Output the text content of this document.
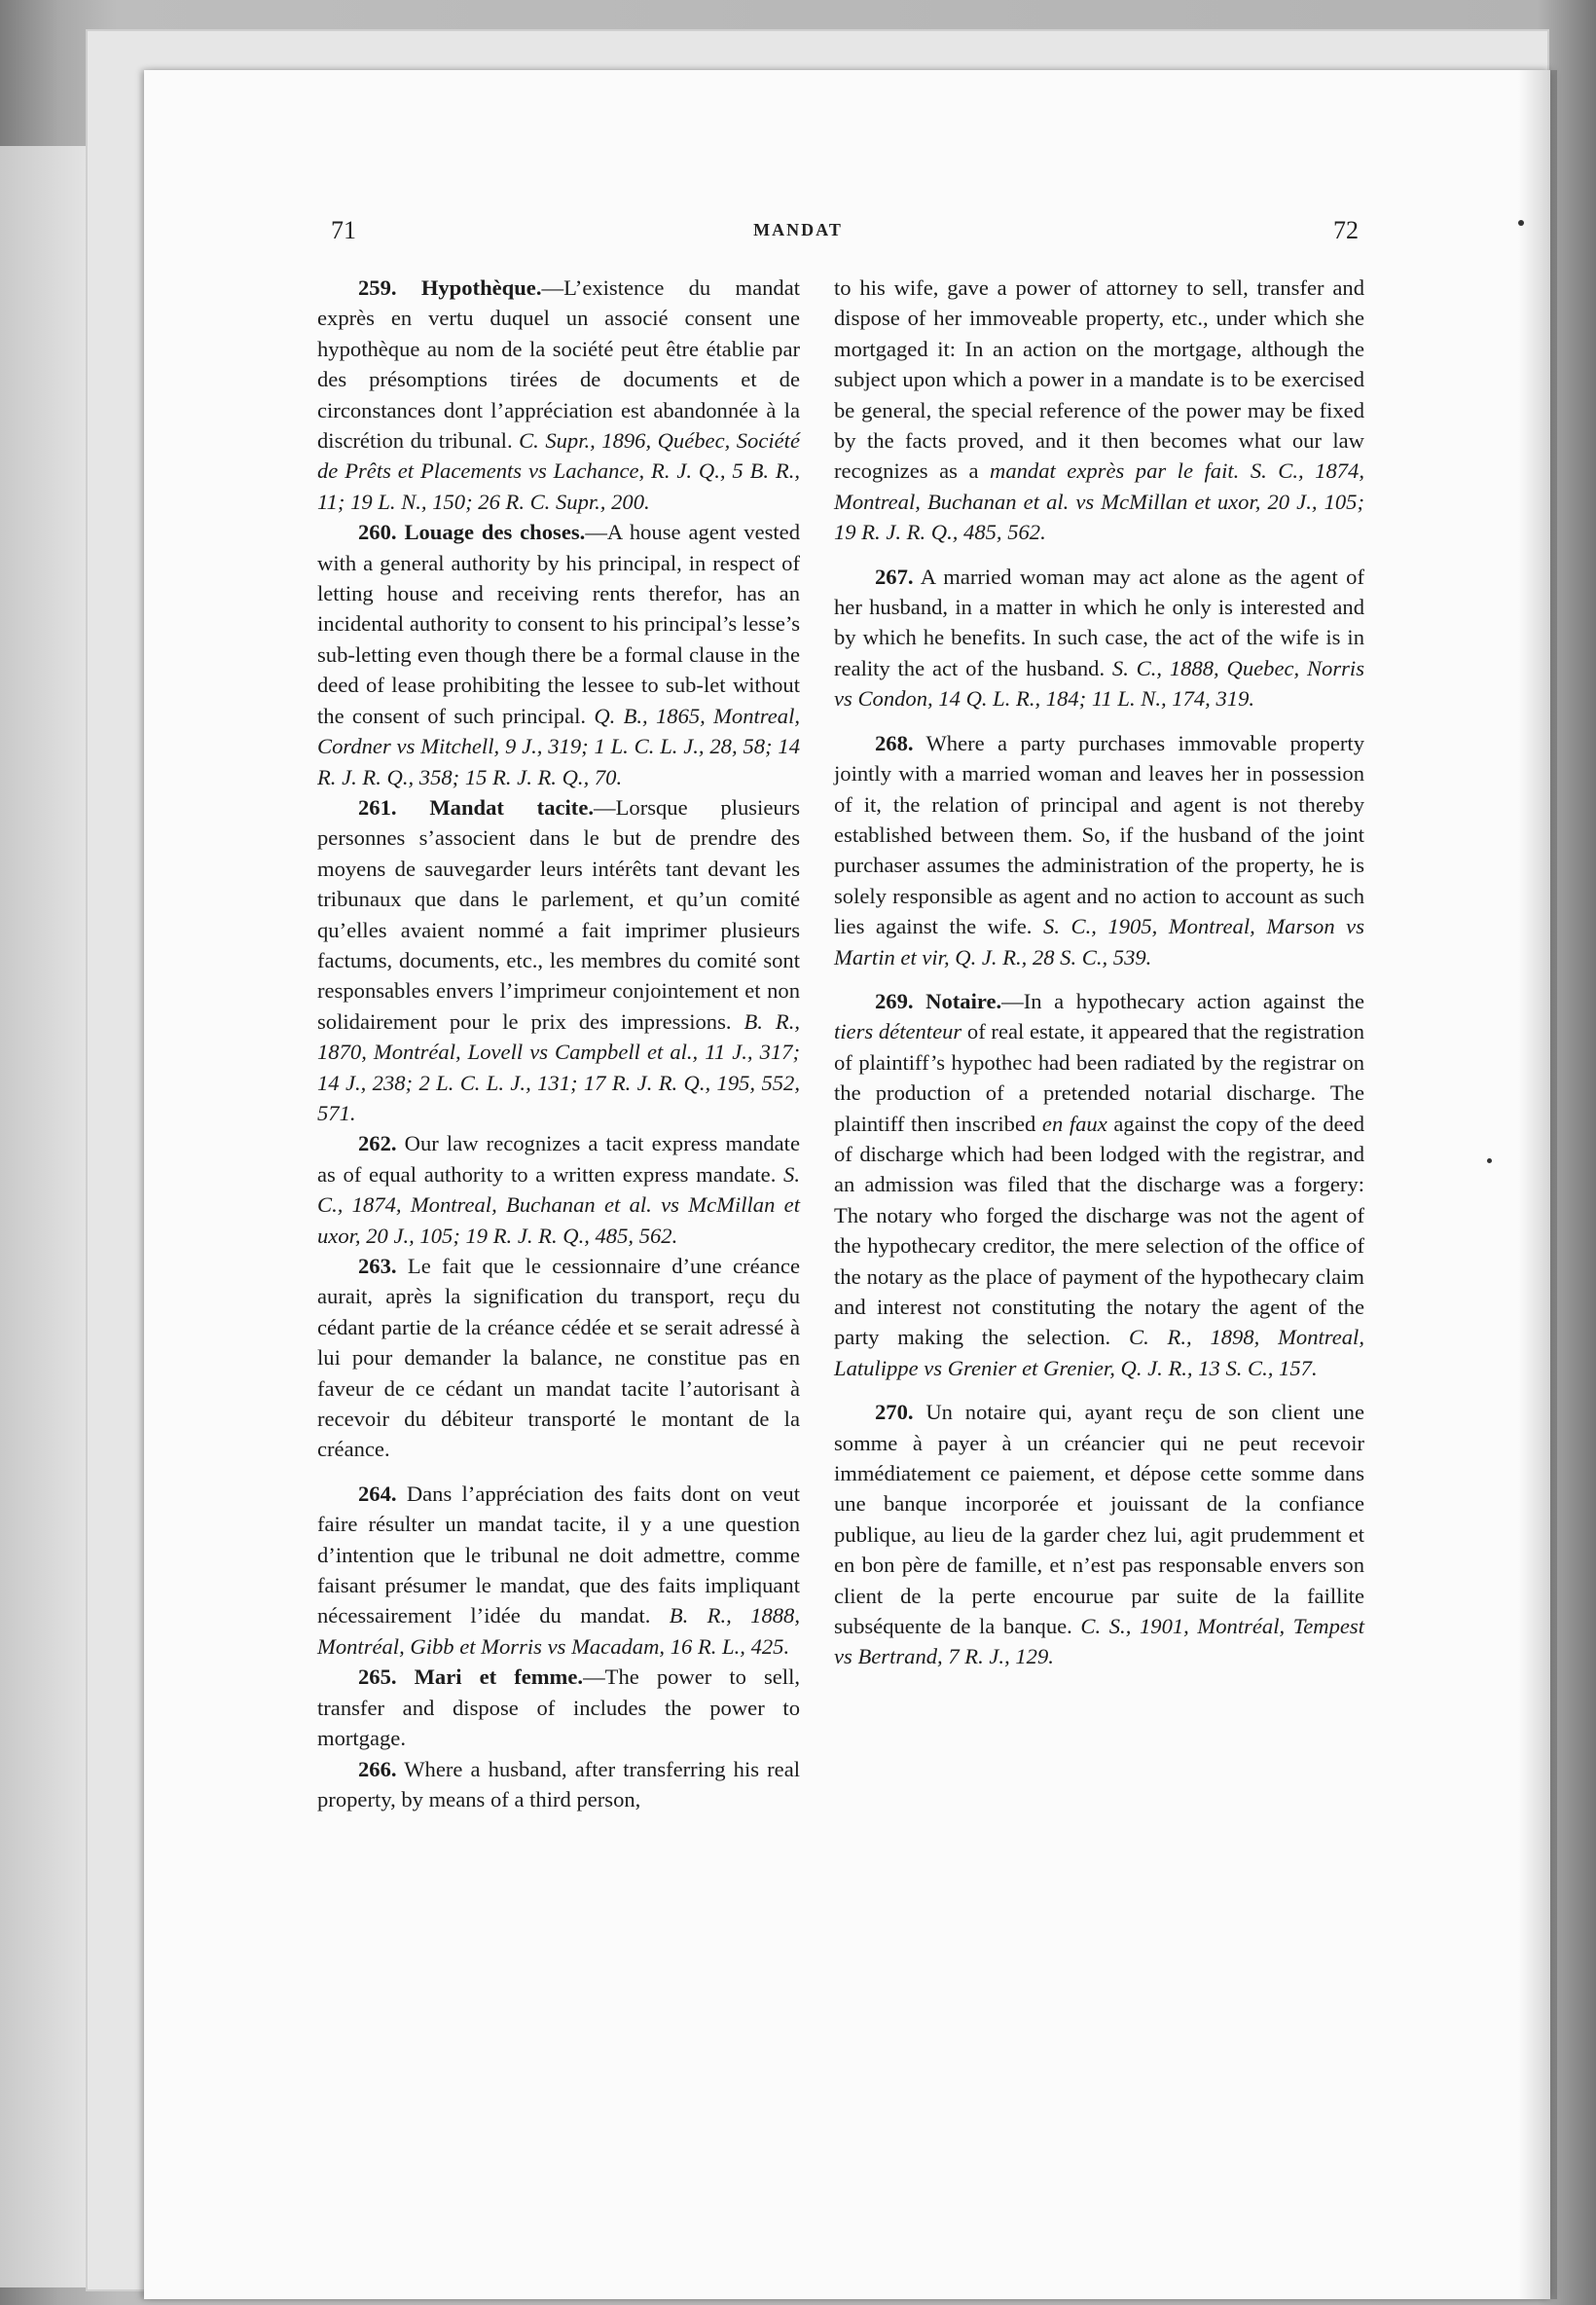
71	MANDAT	72

259. Hypothèque.—L’existence du mandat exprès en vertu duquel un associé consent une hypothèque au nom de la société peut être établie par des présomptions tirées de documents et de circonstances dont l’appréciation est abandonnée à la discrétion du tribunal. C. Supr., 1896, Québec, Société de Prêts et Placements vs Lachance, R. J. Q., 5 B. R., 11; 19 L. N., 150; 26 R. C. Supr., 200.

260. Louage des choses.—A house agent vested with a general authority by his principal, in respect of letting house and receiving rents therefor, has an incidental authority to consent to his principal’s lesse’s sub-letting even though there be a formal clause in the deed of lease prohibiting the lessee to sub-let without the consent of such principal. Q. B., 1865, Montreal, Cordner vs Mitchell, 9 J., 319; 1 L. C. L. J., 28, 58; 14 R. J. R. Q., 358; 15 R. J. R. Q., 70.

261. Mandat tacite.—Lorsque plusieurs personnes s’associent dans le but de prendre des moyens de sauvegarder leurs intérêts tant devant les tribunaux que dans le parlement, et qu’un comité qu’elles avaient nommé a fait imprimer plusieurs factums, documents, etc., les membres du comité sont responsables envers l’imprimeur conjointement et non solidairement pour le prix des impressions. B. R., 1870, Montréal, Lovell vs Campbell et al., 11 J., 317; 14 J., 238; 2 L. C. L. J., 131; 17 R. J. R. Q., 195, 552, 571.

262. Our law recognizes a tacit express mandate as of equal authority to a written express mandate. S. C., 1874, Montreal, Buchanan et al. vs McMillan et uxor, 20 J., 105; 19 R. J. R. Q., 485, 562.

263. Le fait que le cessionnaire d’une créance aurait, après la signification du transport, reçu du cédant partie de la créance cédée et se serait adressé à lui pour demander la balance, ne constitue pas en faveur de ce cédant un mandat tacite l’autorisant à recevoir du débiteur transporté le montant de la créance.

264. Dans l’appréciation des faits dont on veut faire résulter un mandat tacite, il y a une question d’intention que le tribunal ne doit admettre, comme faisant présumer le mandat, que des faits impliquant nécessairement l’idée du mandat. B. R., 1888, Montréal, Gibb et Morris vs Macadam, 16 R. L., 425.

265. Mari et femme.—The power to sell, transfer and dispose of includes the power to mortgage.

266. Where a husband, after transferring his real property, by means of a third person,

to his wife, gave a power of attorney to sell, transfer and dispose of her immoveable property, etc., under which she mortgaged it: In an action on the mortgage, although the subject upon which a power in a mandate is to be exercised be general, the special reference of the power may be fixed by the facts proved, and it then becomes what our law recognizes as a mandat exprès par le fait. S. C., 1874, Montreal, Buchanan et al. vs McMillan et uxor, 20 J., 105; 19 R. J. R. Q., 485, 562.

267. A married woman may act alone as the agent of her husband, in a matter in which he only is interested and by which he benefits. In such case, the act of the wife is in reality the act of the husband. S. C., 1888, Quebec, Norris vs Condon, 14 Q. L. R., 184; 11 L. N., 174, 319.

268. Where a party purchases immovable property jointly with a married woman and leaves her in possession of it, the relation of principal and agent is not thereby established between them. So, if the husband of the joint purchaser assumes the administration of the property, he is solely responsible as agent and no action to account as such lies against the wife. S. C., 1905, Montreal, Marson vs Martin et vir, Q. J. R., 28 S. C., 539.

269. Notaire.—In a hypothecary action against the tiers détenteur of real estate, it appeared that the registration of plaintiff’s hypothec had been radiated by the registrar on the production of a pretended notarial discharge. The plaintiff then inscribed en faux against the copy of the deed of discharge which had been lodged with the registrar, and an admission was filed that the discharge was a forgery: The notary who forged the discharge was not the agent of the hypothecary creditor, the mere selection of the office of the notary as the place of payment of the hypothecary claim and interest not constituting the notary the agent of the party making the selection. C. R., 1898, Montreal, Latulippe vs Grenier et Grenier, Q. J. R., 13 S. C., 157.

270. Un notaire qui, ayant reçu de son client une somme à payer à un créancier qui ne peut recevoir immédiatement ce paiement, et dépose cette somme dans une banque incorporée et jouissant de la confiance publique, au lieu de la garder chez lui, agit prudemment et en bon père de famille, et n’est pas responsable envers son client de la perte encourue par suite de la faillite subséquente de la banque. C. S., 1901, Montréal, Tempest vs Bertrand, 7 R. J., 129.
